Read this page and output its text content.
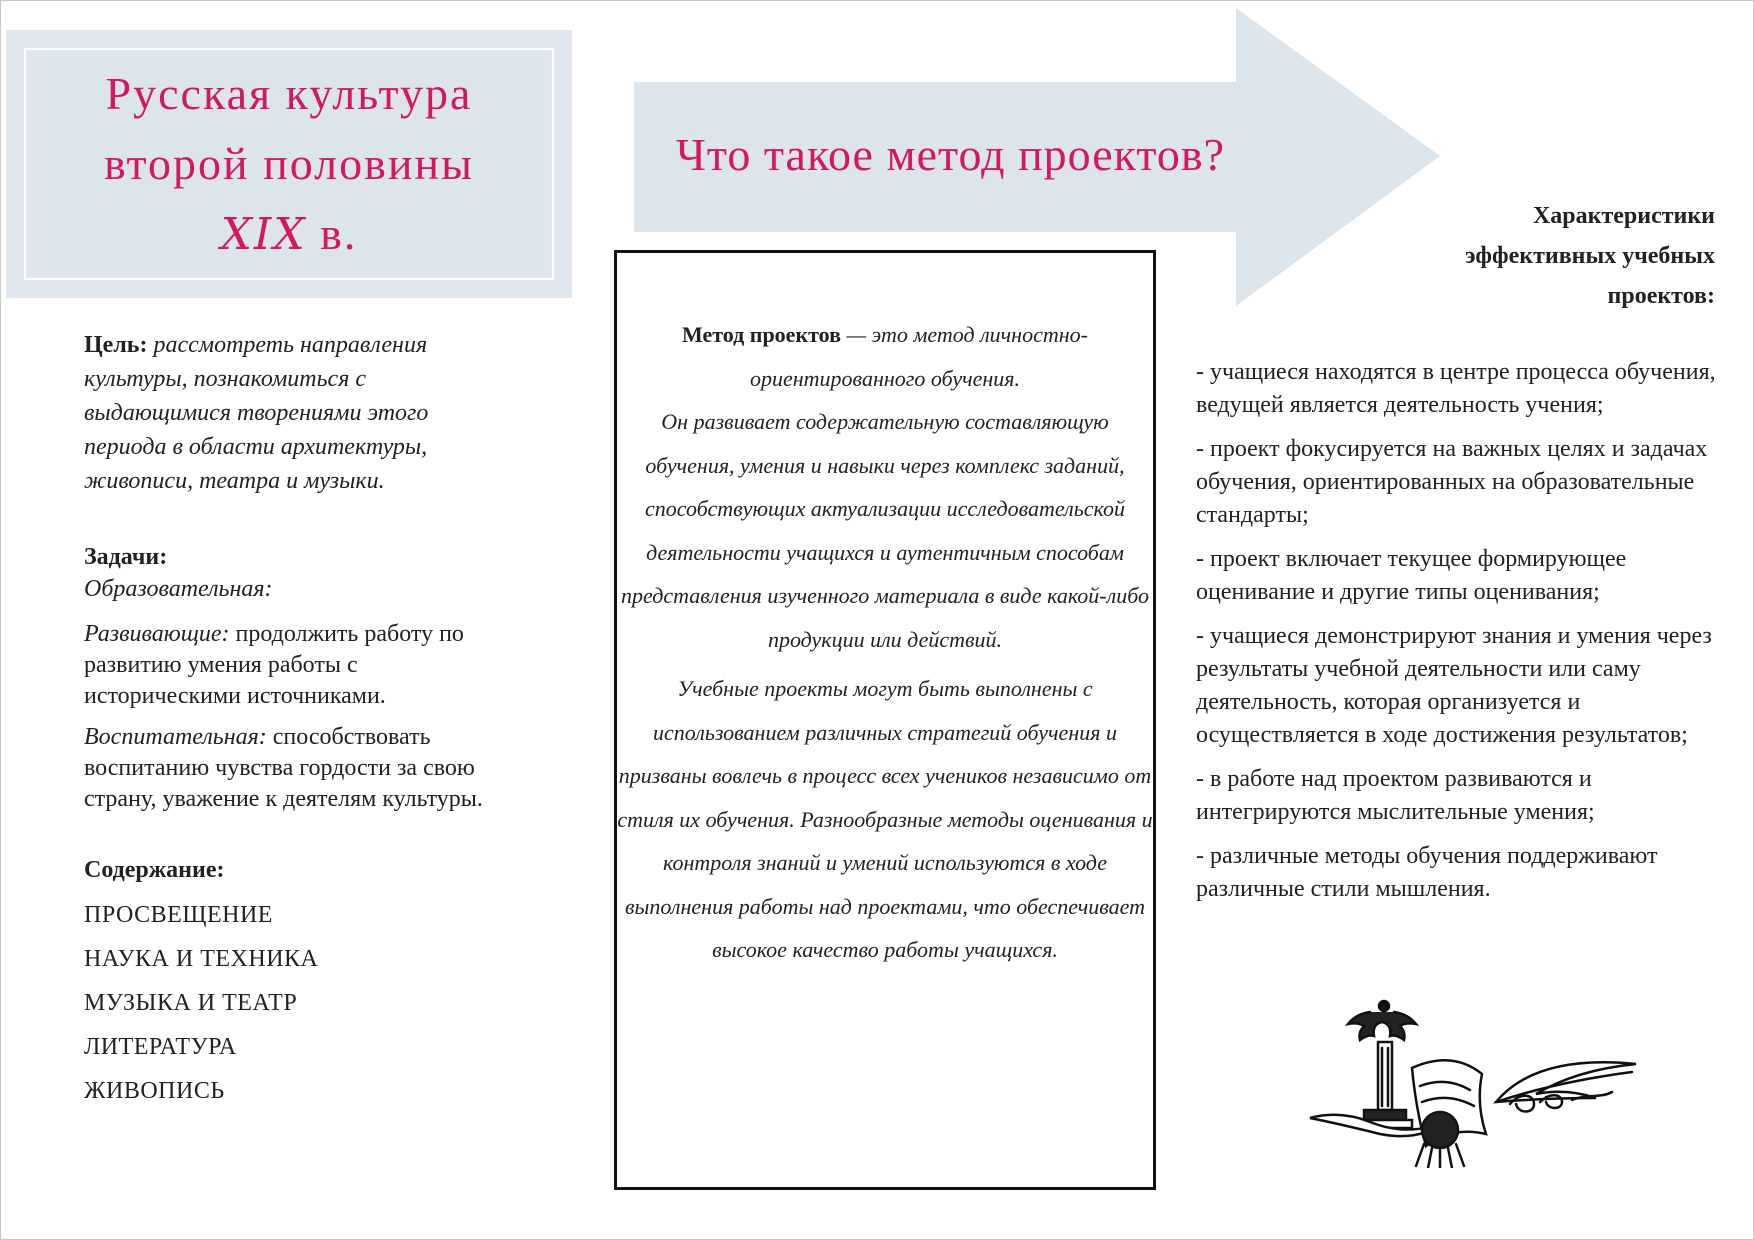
Русская культура
второй половины
XIX в.
Что такое метод проектов?

Цель: рассмотреть направления культуры, познакомиться с выдающимися творениями этого периода в области архитектуры, живописи, театра и музыки.

Задачи:
Образовательная:

Развивающие: продолжить работу по развитию умения работы с историческими источниками.

Воспитательная: способствовать воспитанию чувства гордости за свою страну, уважение к деятелям культуры.

Содержание:
ПРОСВЕЩЕНИЕ
НАУКА И ТЕХНИКА
МУЗЫКА И ТЕАТР
ЛИТЕРАТУРА
ЖИВОПИСЬ

Метод проектов — это метод личностно-ориентированного обучения.

Он развивает содержательную составляющую обучения, умения и навыки через комплекс заданий, способствующих актуализации исследовательской деятельности учащихся и аутентичным способам представления изученного материала в виде какой-либо продукции или действий.

Учебные проекты могут быть выполнены с использованием различных стратегий обучения и призваны вовлечь в процесс всех учеников независимо от стиля их обучения. Разнообразные методы оценивания и контроля знаний и умений используются в ходе выполнения работы над проектами, что обеспечивает высокое качество работы учащихся.

Характеристики эффективных учебных проектов:

- учащиеся находятся в центре процесса обучения, ведущей является деятельность учения;

- проект фокусируется на важных целях и задачах обучения, ориентированных на образовательные стандарты;

- проект включает текущее формирующее оценивание и другие типы оценивания;

- учащиеся демонстрируют знания и умения через результаты учебной деятельности или саму деятельность, которая организуется и осуществляется в ходе достижения результатов;

- в работе над проектом развиваются и интегрируются мыслительные умения;

- различные методы обучения поддерживают различные стили мышления.
